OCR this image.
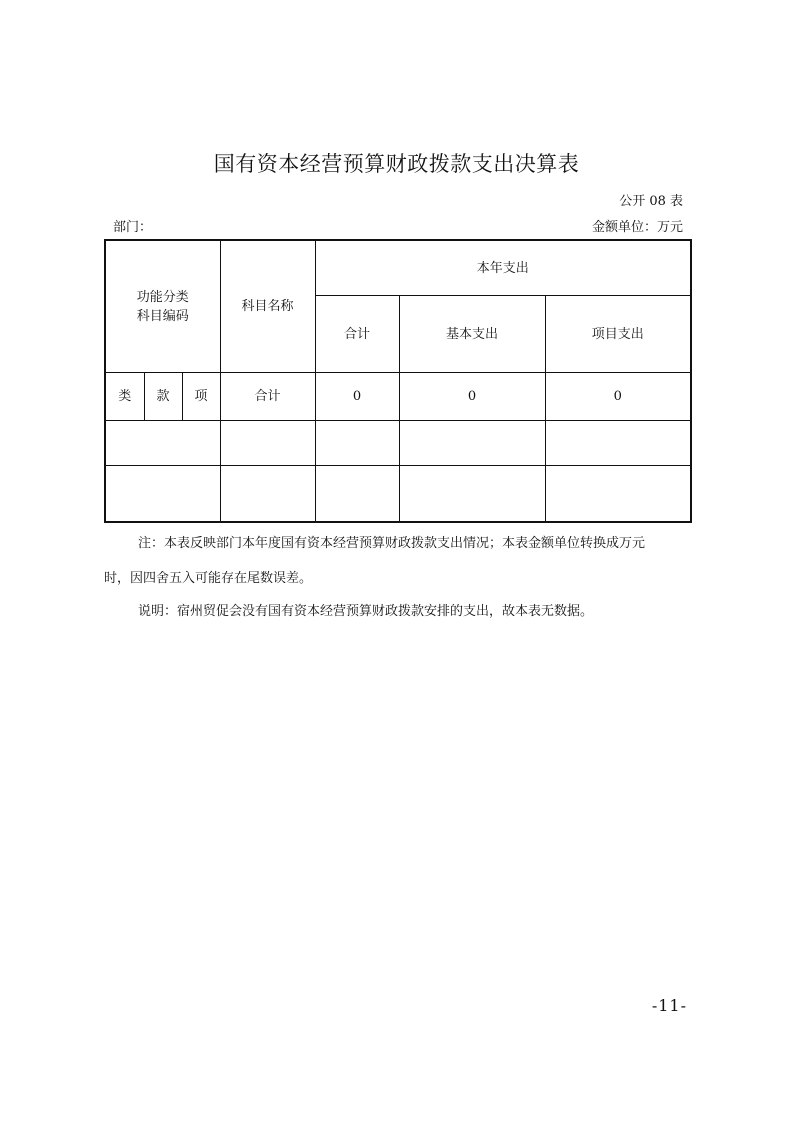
国有资本经营预算财政拨款支出决算表
公开 08 表
部门：	金额单位：万元
功能分类
科目编码			科目名称	本年支出		
				合计	基本支出	项目支出
类	款	项	合计	0	0	0

注：本表反映部门本年度国有资本经营预算财政拨款支出情况；本表金额单位转换成万元
时，因四舍五入可能存在尾数误差。
说明：宿州贸促会没有国有资本经营预算财政拨款安排的支出，故本表无数据。
-11-
